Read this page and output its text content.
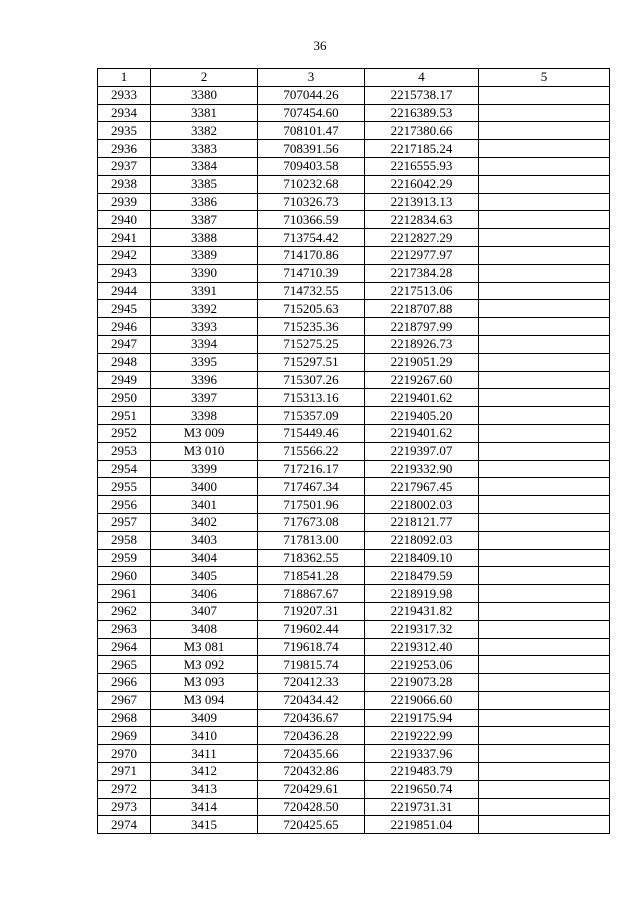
36
1	2	3	4	5
2933	3380	707044.26	2215738.17	
2934	3381	707454.60	2216389.53	
2935	3382	708101.47	2217380.66	
2936	3383	708391.56	2217185.24	
2937	3384	709403.58	2216555.93	
2938	3385	710232.68	2216042.29	
2939	3386	710326.73	2213913.13	
2940	3387	710366.59	2212834.63	
2941	3388	713754.42	2212827.29	
2942	3389	714170.86	2212977.97	
2943	3390	714710.39	2217384.28	
2944	3391	714732.55	2217513.06	
2945	3392	715205.63	2218707.88	
2946	3393	715235.36	2218797.99	
2947	3394	715275.25	2218926.73	
2948	3395	715297.51	2219051.29	
2949	3396	715307.26	2219267.60	
2950	3397	715313.16	2219401.62	
2951	3398	715357.09	2219405.20	
2952	МЗ 009	715449.46	2219401.62	
2953	МЗ 010	715566.22	2219397.07	
2954	3399	717216.17	2219332.90	
2955	3400	717467.34	2217967.45	
2956	3401	717501.96	2218002.03	
2957	3402	717673.08	2218121.77	
2958	3403	717813.00	2218092.03	
2959	3404	718362.55	2218409.10	
2960	3405	718541.28	2218479.59	
2961	3406	718867.67	2218919.98	
2962	3407	719207.31	2219431.82	
2963	3408	719602.44	2219317.32	
2964	МЗ 081	719618.74	2219312.40	
2965	МЗ 092	719815.74	2219253.06	
2966	МЗ 093	720412.33	2219073.28	
2967	МЗ 094	720434.42	2219066.60	
2968	3409	720436.67	2219175.94	
2969	3410	720436.28	2219222.99	
2970	3411	720435.66	2219337.96	
2971	3412	720432.86	2219483.79	
2972	3413	720429.61	2219650.74	
2973	3414	720428.50	2219731.31	
2974	3415	720425.65	2219851.04	
